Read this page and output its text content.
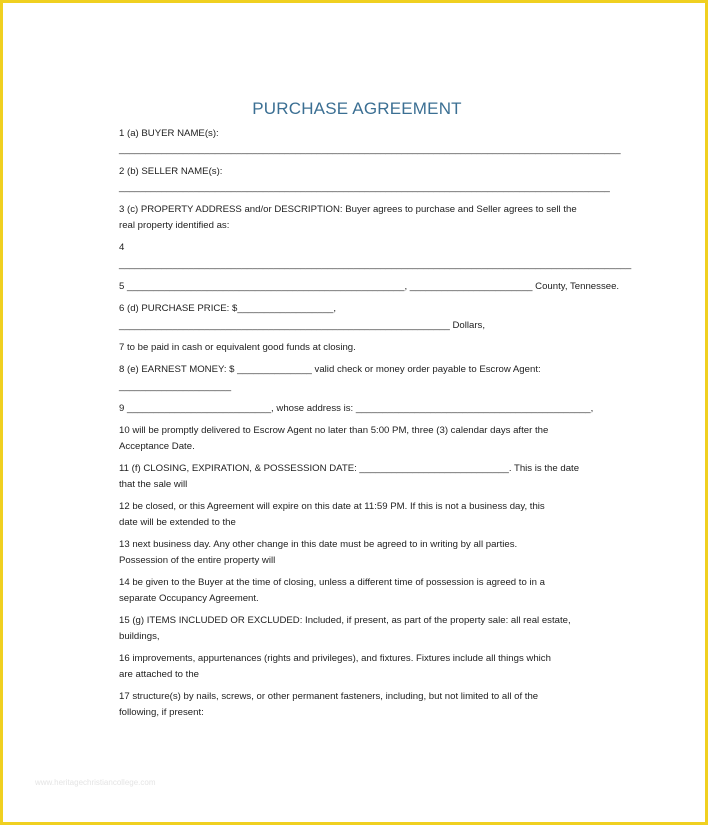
PURCHASE AGREEMENT
1 (a) BUYER NAME(s):
______________________________________________________________________________________________
2 (b) SELLER NAME(s):
____________________________________________________________________________________________
3 (c) PROPERTY ADDRESS and/or DESCRIPTION: Buyer agrees to purchase and Seller agrees to sell the
real property identified as:
4
________________________________________________________________________________________________
5 ____________________________________________________, _______________________ County, Tennessee.
6 (d) PURCHASE PRICE: $__________________,
______________________________________________________________ Dollars,
7 to be paid in cash or equivalent good funds at closing.
8 (e) EARNEST MONEY: $ ______________ valid check or money order payable to Escrow Agent:
_____________________
9 ___________________________, whose address is: ____________________________________________,
10 will be promptly delivered to Escrow Agent no later than 5:00 PM, three (3) calendar days after the
Acceptance Date.
11 (f) CLOSING, EXPIRATION, & POSSESSION DATE: ____________________________. This is the date
that the sale will
12 be closed, or this Agreement will expire on this date at 11:59 PM. If this is not a business day, this
date will be extended to the
13 next business day. Any other change in this date must be agreed to in writing by all parties.
Possession of the entire property will
14 be given to the Buyer at the time of closing, unless a different time of possession is agreed to in a
separate Occupancy Agreement.
15 (g) ITEMS INCLUDED OR EXCLUDED: Included, if present, as part of the property sale: all real estate,
buildings,
16 improvements, appurtenances (rights and privileges), and fixtures. Fixtures include all things which
are attached to the
17 structure(s) by nails, screws, or other permanent fasteners, including, but not limited to all of the
following, if present:
www.heritagechristiancollege.com
